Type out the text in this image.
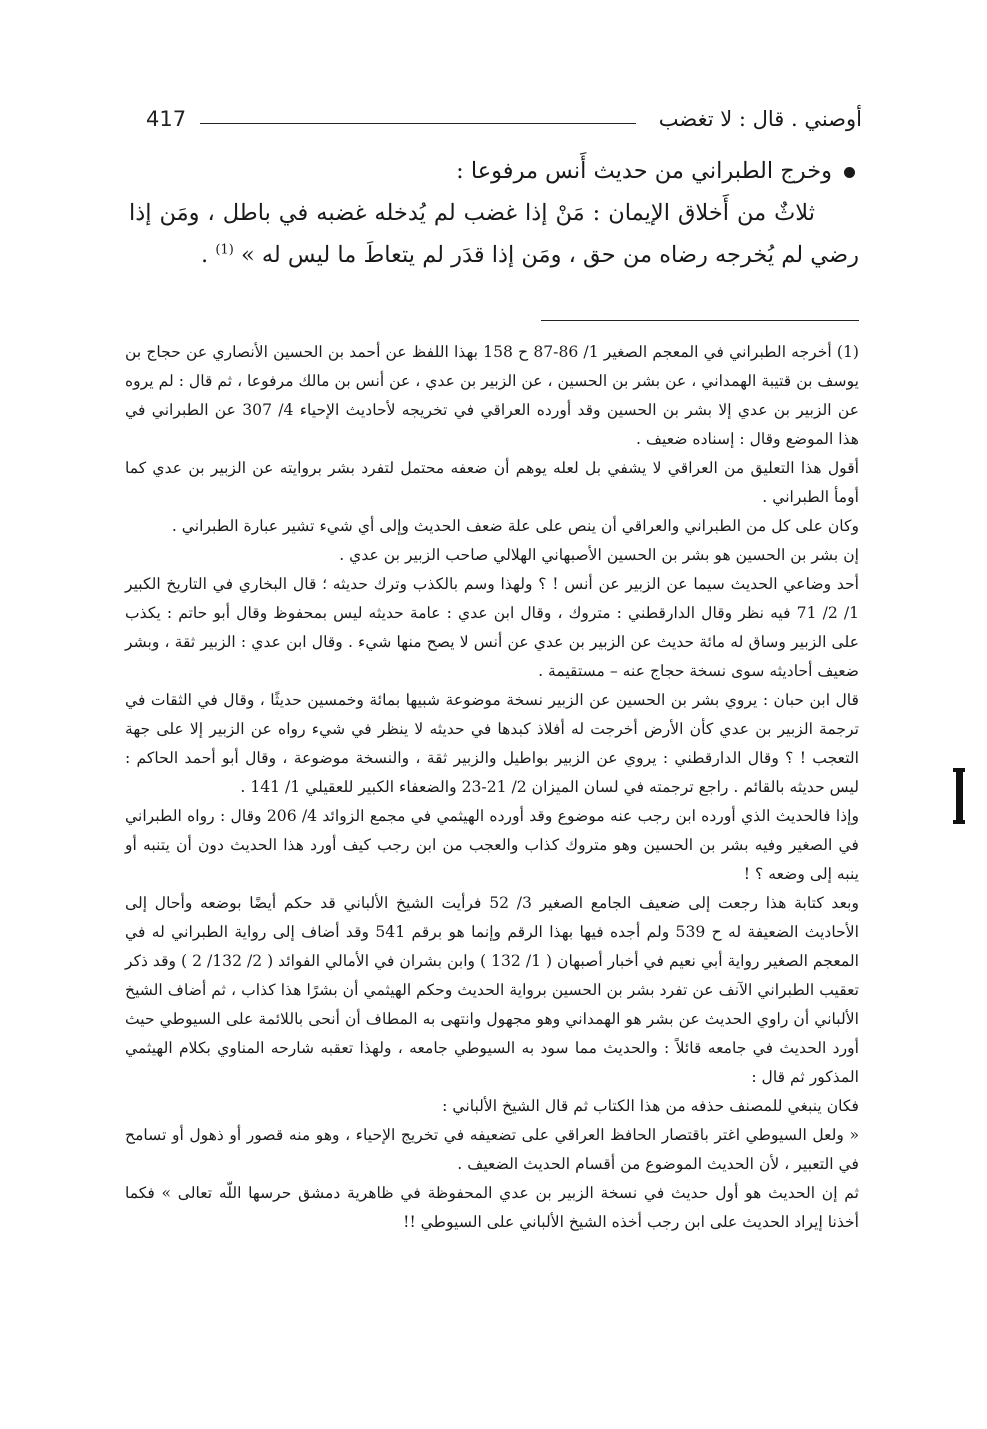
417	أوصني . قال : لا تغضب

وخرج الطبراني من حديث أَنس مرفوعا :

ثلاثٌ من أَخلاق الإيمان : مَنْ إذا غضب لم يُدخله غضبه في باطل ، ومَن إذا رضي لم يُخرجه رضاه من حق ، ومَن إذا قدَر لم يتعاطَ ما ليس له » $^{(1)}$ .

(1) أخرجه الطبراني في المعجم الصغير 1/ 86-87 ح 158 بهذا اللفظ عن أحمد بن الحسين الأنصاري عن حجاج بن يوسف بن قتيبة الهمداني ، عن بشر بن الحسين ، عن الزبير بن عدي ، عن أنس بن مالك مرفوعا ، ثم قال : لم يروه عن الزبير بن عدي إلا بشر بن الحسين وقد أورده العراقي في تخريجه لأحاديث الإحياء 4/ 307 عن الطبراني في هذا الموضع وقال : إسناده ضعيف .

أقول هذا التعليق من العراقي لا يشفي بل لعله يوهم أن ضعفه محتمل لتفرد بشر بروايته عن الزبير بن عدي كما أومأ الطبراني .

وكان على كل من الطبراني والعراقي أن ينص على علة ضعف الحديث وإلى أي شيء تشير عبارة الطبراني .

إن بشر بن الحسين هو بشر بن الحسين الأصبهاني الهلالي صاحب الزبير بن عدي .

أحد وضاعي الحديث سيما عن الزبير عن أنس ! ؟ ولهذا وسم بالكذب وترك حديثه ؛ قال البخاري في التاريخ الكبير 1/ 2/ 71 فيه نظر وقال الدارقطني : متروك ، وقال ابن عدي : عامة حديثه ليس بمحفوظ وقال أبو حاتم : يكذب على الزبير وساق له مائة حديث عن الزبير بن عدي عن أنس لا يصح منها شيء . وقال ابن عدي : الزبير ثقة ، وبشر ضعيف أحاديثه سوى نسخة حجاج عنه – مستقيمة .

قال ابن حبان : يروي بشر بن الحسين عن الزبير نسخة موضوعة شبيها بمائة وخمسين حديثًا ، وقال في الثقات في ترجمة الزبير بن عدي كأن الأرض أخرجت له أفلاذ كبدها في حديثه لا ينظر في شيء رواه عن الزبير إلا على جهة التعجب ! ؟ وقال الدارقطني : يروي عن الزبير بواطيل والزبير ثقة ، والنسخة موضوعة ، وقال أبو أحمد الحاكم : ليس حديثه بالقائم . راجع ترجمته في لسان الميزان 2/ 21-23 والضعفاء الكبير للعقيلي 1/ 141 .

وإذا فالحديث الذي أورده ابن رجب عنه موضوع وقد أورده الهيثمي في مجمع الزوائد 4/ 206 وقال : رواه الطبراني في الصغير وفيه بشر بن الحسين وهو متروك كذاب والعجب من ابن رجب كيف أورد هذا الحديث دون أن يتنبه أو ينبه إلى وضعه ؟ !

وبعد كتابة هذا رجعت إلى ضعيف الجامع الصغير 3/ 52 فرأيت الشيخ الألباني قد حكم أيضًا بوضعه وأحال إلى الأحاديث الضعيفة له ح 539 ولم أجده فيها بهذا الرقم وإنما هو برقم 541 وقد أضاف إلى رواية الطبراني له في المعجم الصغير رواية أبي نعيم في أخبار أصبهان ( 1/ 132 ) وابن بشران في الأمالي الفوائد ( 2/ 132/ 2 ) وقد ذكر تعقيب الطبراني الآنف عن تفرد بشر بن الحسين برواية الحديث وحكم الهيثمي أن بشرًا هذا كذاب ، ثم أضاف الشيخ الألباني أن راوي الحديث عن بشر هو الهمداني وهو مجهول وانتهى به المطاف أن أنحى باللائمة على السيوطي حيث أورد الحديث في جامعه قائلاً : والحديث مما سود به السيوطي جامعه ، ولهذا تعقبه شارحه المناوي بكلام الهيثمي المذكور ثم قال :

فكان ينبغي للمصنف حذفه من هذا الكتاب ثم قال الشيخ الألباني :

« ولعل السيوطي اغتر باقتصار الحافظ العراقي على تضعيفه في تخريج الإحياء ، وهو منه قصور أو ذهول أو تسامح في التعبير ، لأن الحديث الموضوع من أقسام الحديث الضعيف .

ثم إن الحديث هو أول حديث في نسخة الزبير بن عدي المحفوظة في ظاهرية دمشق حرسها اللّه تعالى » فكما أخذنا إيراد الحديث على ابن رجب أخذه الشيخ الألباني على السيوطي !!
